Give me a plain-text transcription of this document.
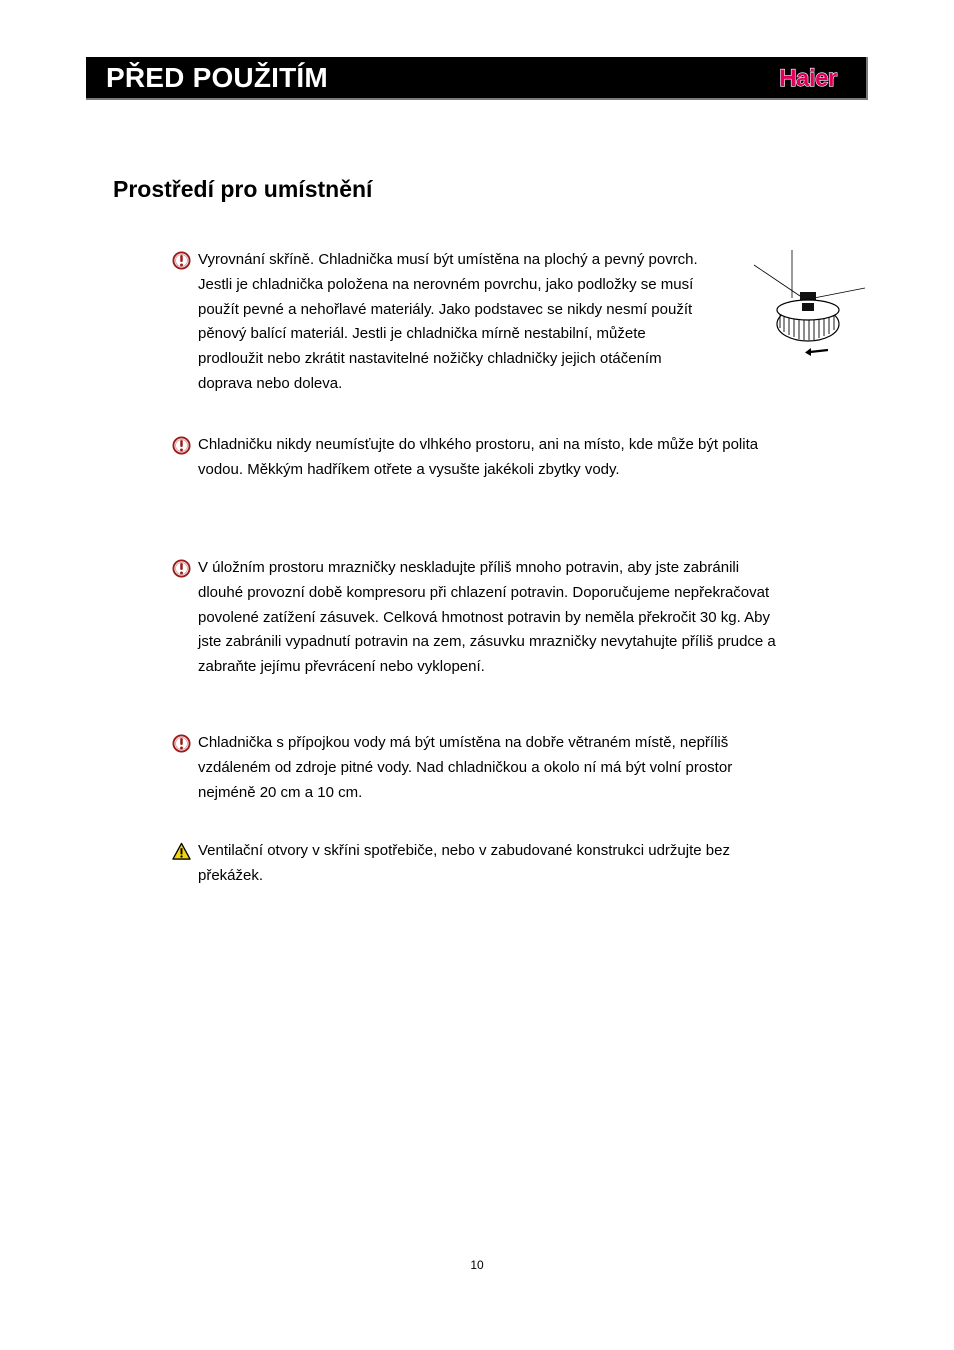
PŘED POUŽITÍM	Haier
Prostředí pro umístnění
Vyrovnání skříně. Chladnička musí být umístěna na plochý a pevný povrch.
Jestli je chladnička položena na nerovném povrchu, jako podložky se musí
použít pevné a nehořlavé materiály. Jako podstavec se nikdy nesmí použít
pěnový balící materiál. Jestli je chladnička mírně nestabilní, můžete
prodloužit nebo zkrátit nastavitelné nožičky chladničky jejich otáčením
doprava nebo doleva.
Chladničku nikdy neumísťujte do vlhkého prostoru, ani na místo, kde může být polita
vodou. Měkkým hadříkem otřete a vysušte jakékoli zbytky vody.
V úložním prostoru mrazničky neskladujte příliš mnoho potravin, aby jste zabránili
dlouhé provozní době kompresoru při chlazení potravin. Doporučujeme nepřekračovat
povolené zatížení zásuvek. Celková hmotnost potravin by neměla překročit 30 kg. Aby
jste zabránili vypadnutí potravin na zem, zásuvku mrazničky nevytahujte příliš prudce a
zabraňte jejímu převrácení nebo vyklopení.
Chladnička s přípojkou vody má být umístěna na dobře větraném místě, nepříliš
vzdáleném od zdroje pitné vody. Nad chladničkou a okolo ní má být volní prostor
nejméně 20 cm a 10 cm.
Ventilační otvory v skříni spotřebiče, nebo v zabudované konstrukci udržujte bez
překážek.
10
